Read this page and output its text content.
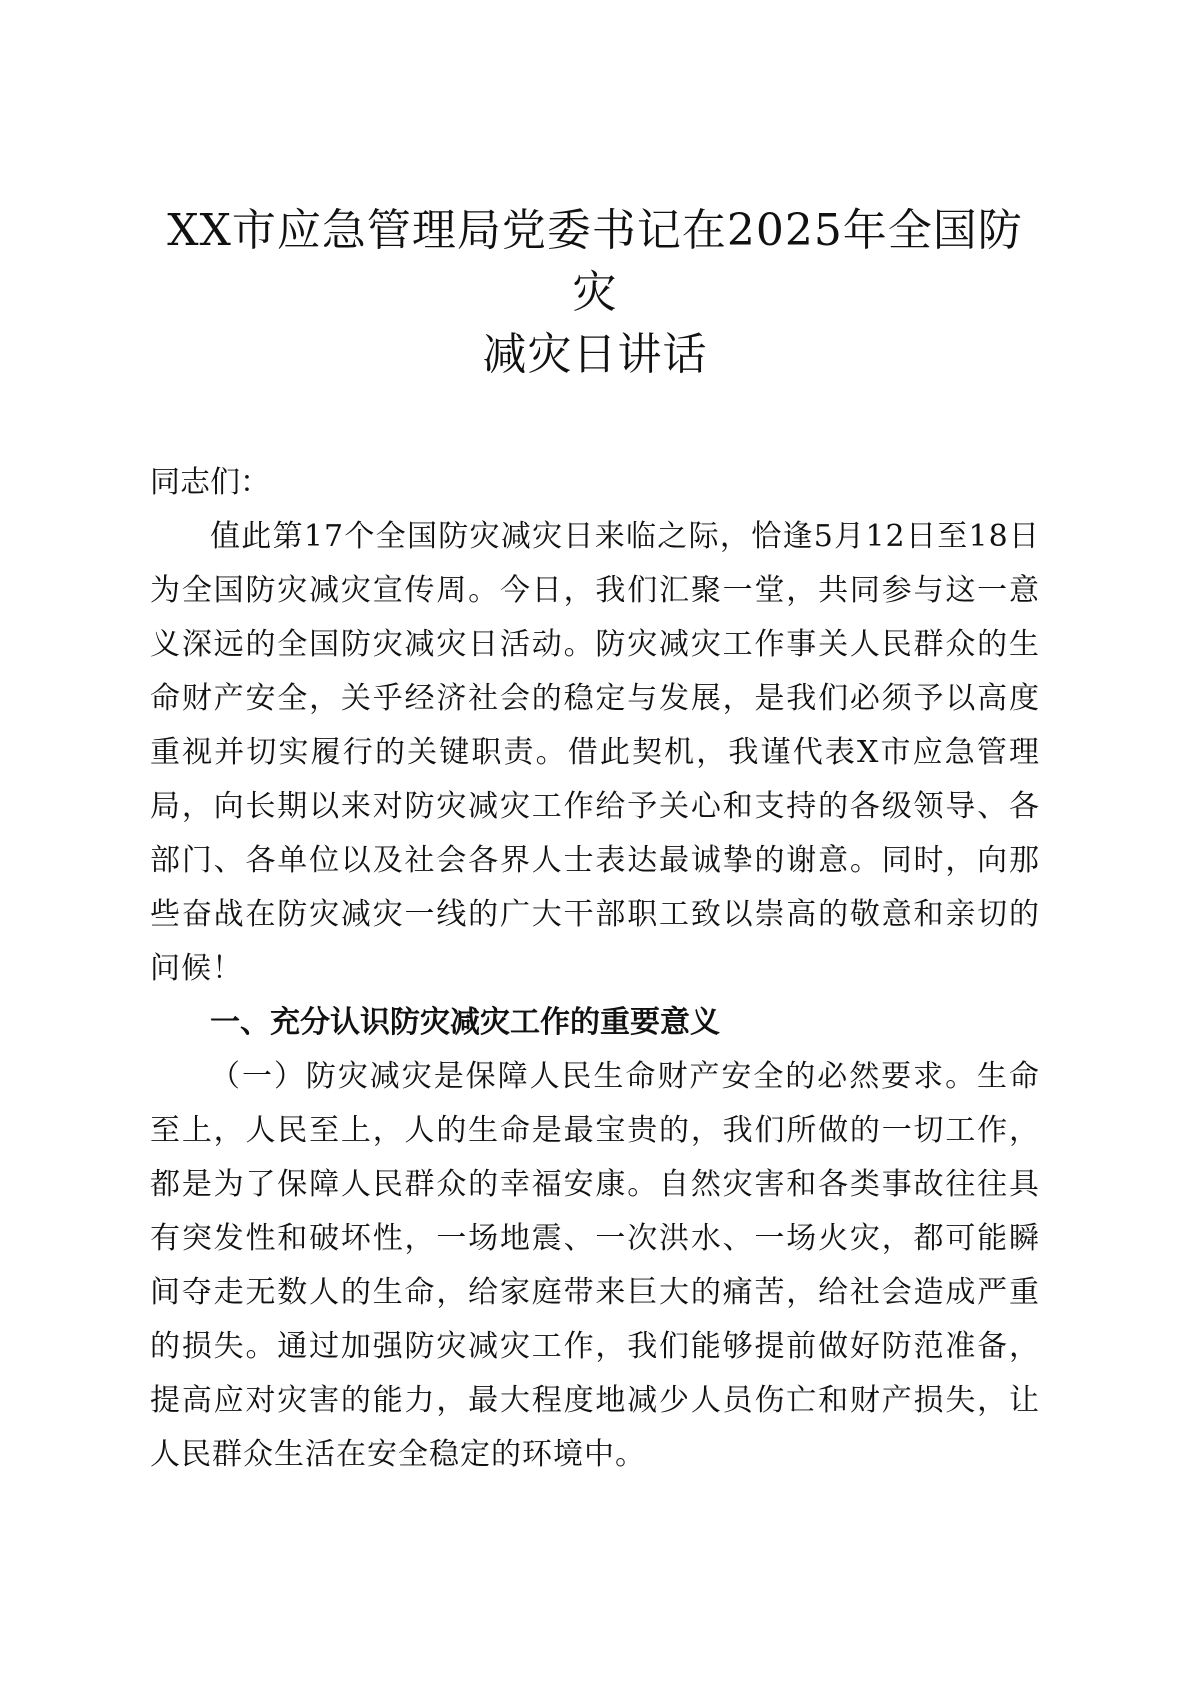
XX市应急管理局党委书记在2025年全国防灾
减灾日讲话

同志们：

值此第17个全国防灾减灾日来临之际，恰逢5月12日至18日为全国防灾减灾宣传周。今日，我们汇聚一堂，共同参与这一意义深远的全国防灾减灾日活动。防灾减灾工作事关人民群众的生命财产安全，关乎经济社会的稳定与发展，是我们必须予以高度重视并切实履行的关键职责。借此契机，我谨代表X市应急管理局，向长期以来对防灾减灾工作给予关心和支持的各级领导、各部门、各单位以及社会各界人士表达最诚挚的谢意。同时，向那些奋战在防灾减灾一线的广大干部职工致以崇高的敬意和亲切的问候！

一、充分认识防灾减灾工作的重要意义

（一）防灾减灾是保障人民生命财产安全的必然要求。生命至上，人民至上，人的生命是最宝贵的，我们所做的一切工作，都是为了保障人民群众的幸福安康。自然灾害和各类事故往往具有突发性和破坏性，一场地震、一次洪水、一场火灾，都可能瞬间夺走无数人的生命，给家庭带来巨大的痛苦，给社会造成严重的损失。通过加强防灾减灾工作，我们能够提前做好防范准备，提高应对灾害的能力，最大程度地减少人员伤亡和财产损失，让人民群众生活在安全稳定的环境中。
